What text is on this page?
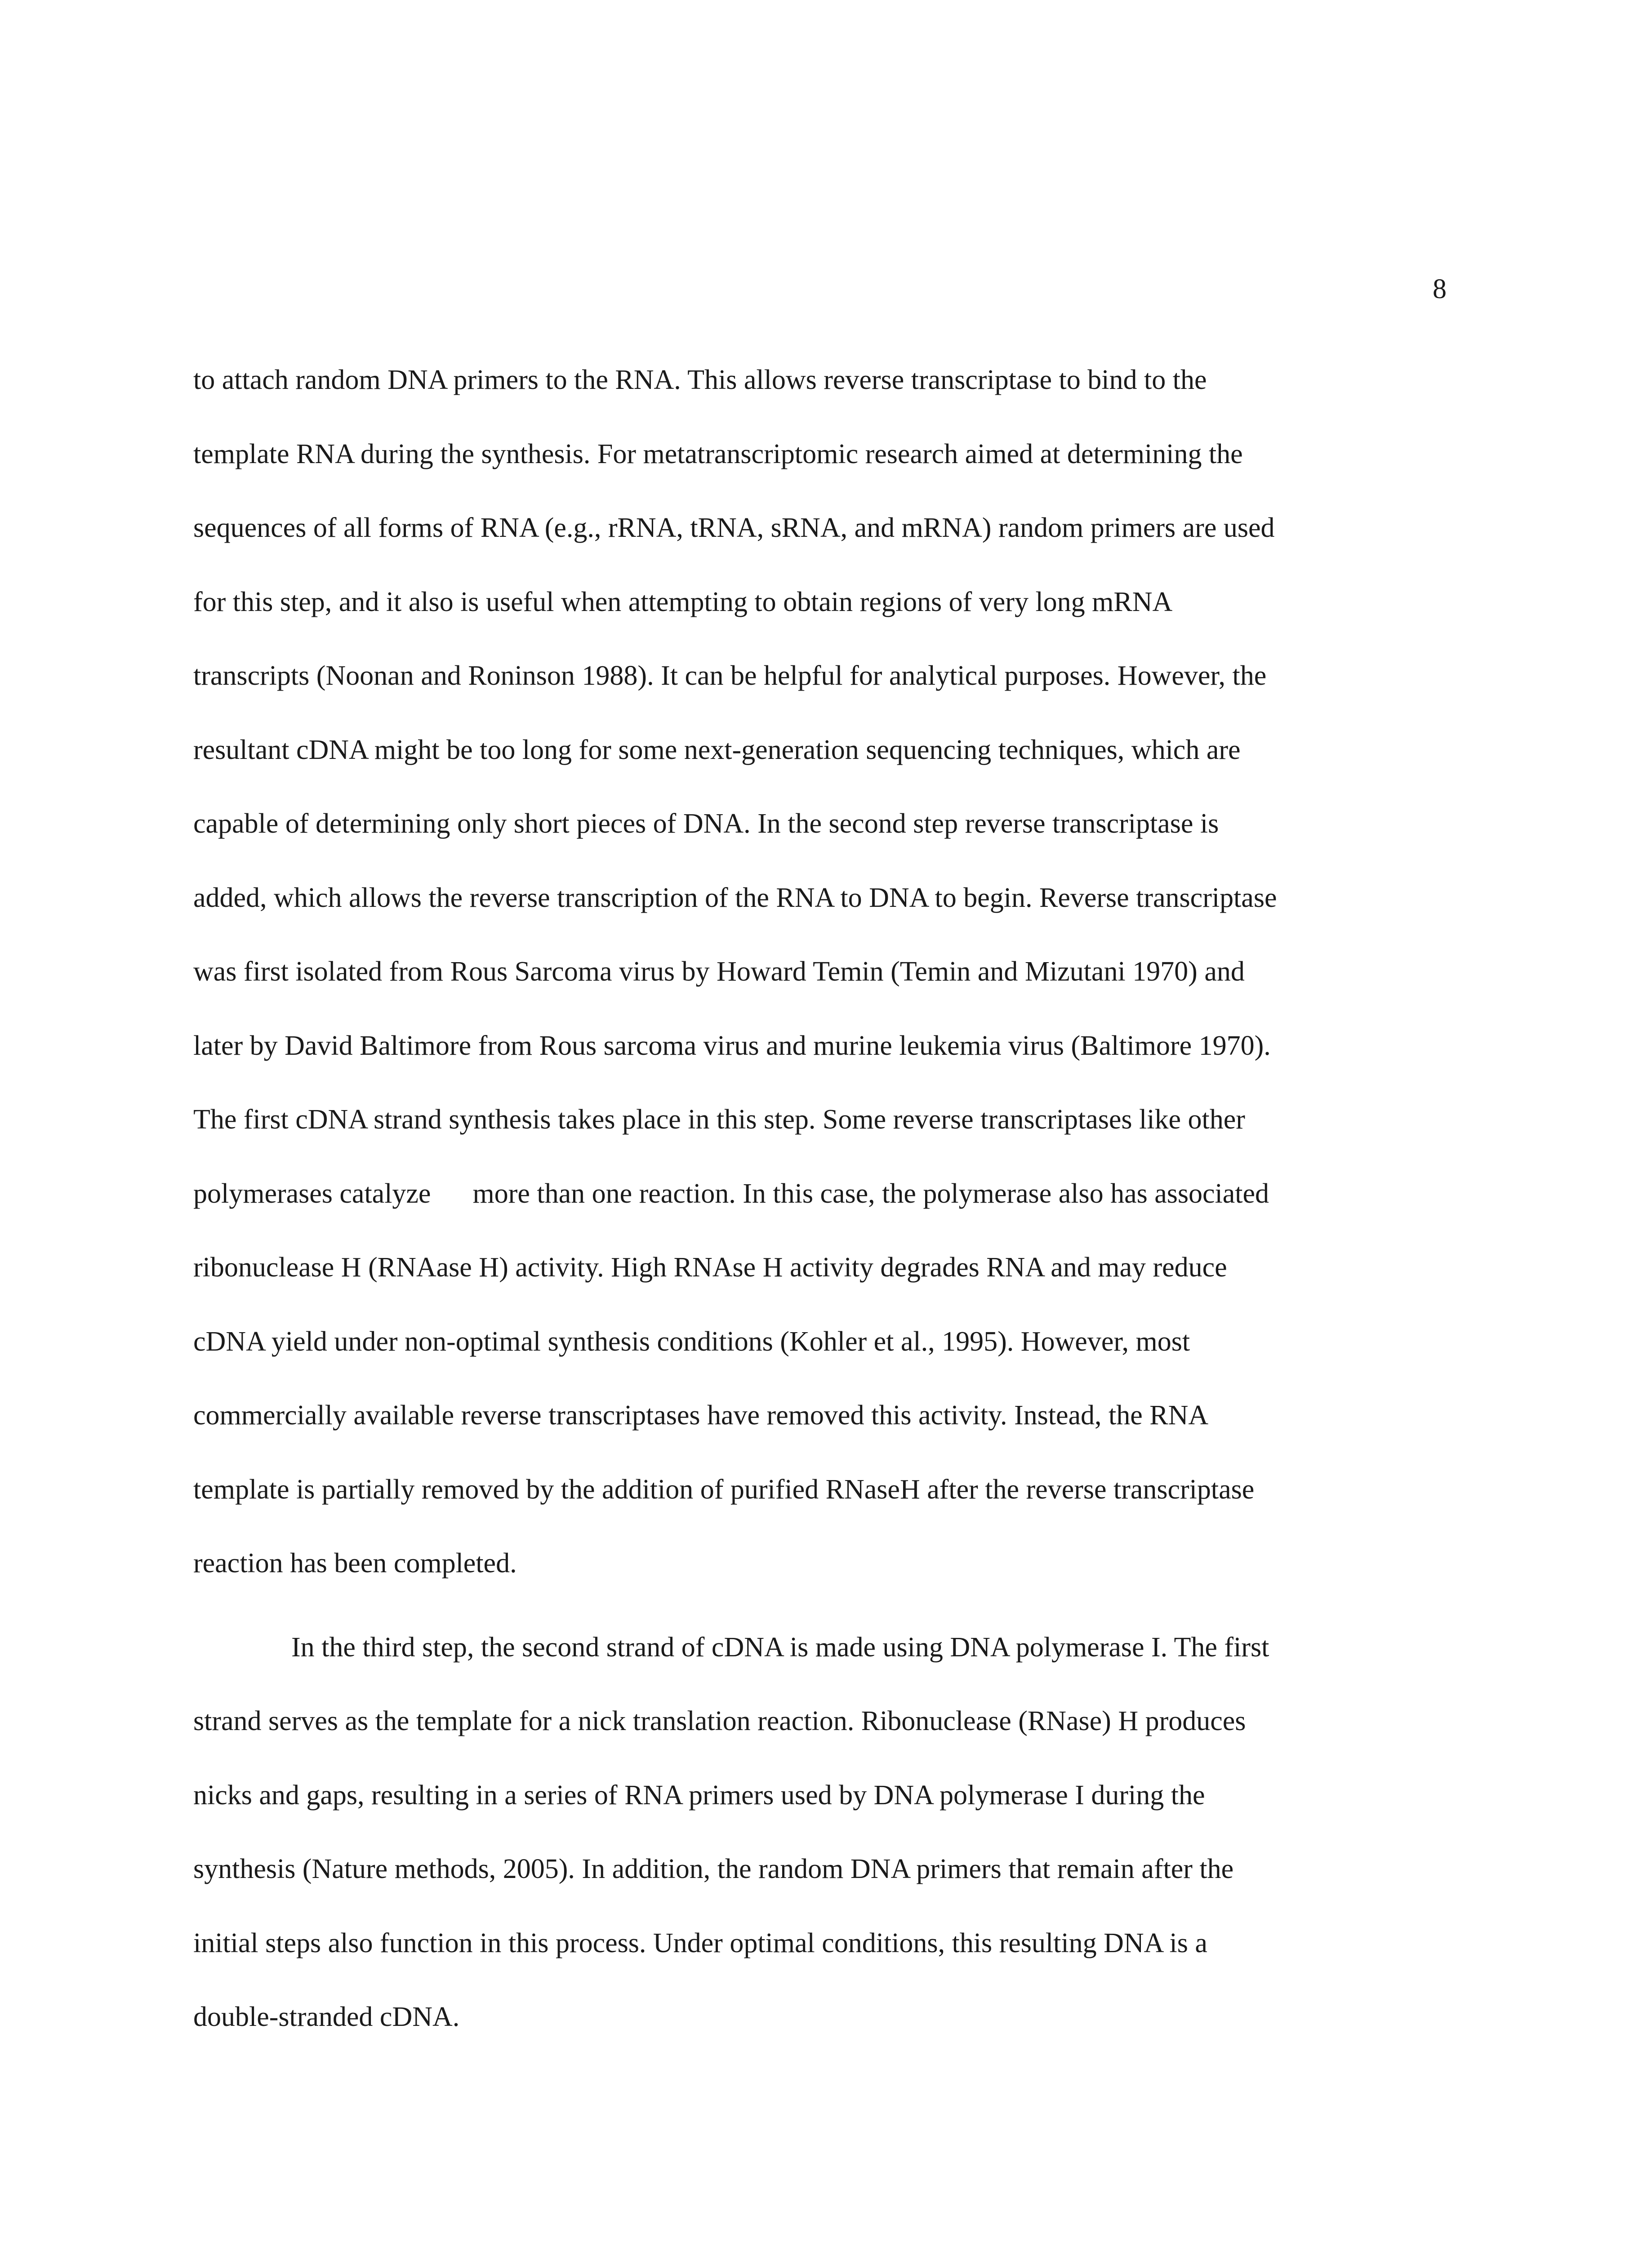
8
to attach random DNA primers to the RNA. This allows reverse transcriptase to bind to the
template RNA during the synthesis. For metatranscriptomic research aimed at determining the
sequences of all forms of RNA (e.g., rRNA, tRNA, sRNA, and mRNA) random primers are used
for this step, and it also is useful when attempting to obtain regions of very long mRNA
transcripts (Noonan and Roninson 1988). It can be helpful for analytical purposes. However, the
resultant cDNA might be too long for some next-generation sequencing techniques, which are
capable of determining only short pieces of DNA. In the second step reverse transcriptase is
added, which allows the reverse transcription of the RNA to DNA to begin. Reverse transcriptase
was first isolated from Rous Sarcoma virus by Howard Temin (Temin and Mizutani 1970) and
later by David Baltimore from Rous sarcoma virus and murine leukemia virus (Baltimore 1970).
The first cDNA strand synthesis takes place in this step. Some reverse transcriptases like other
polymerases catalyze      more than one reaction. In this case, the polymerase also has associated
ribonuclease H (RNAase H) activity. High RNAse H activity degrades RNA and may reduce
cDNA yield under non-optimal synthesis conditions (Kohler et al., 1995). However, most
commercially available reverse transcriptases have removed this activity. Instead, the RNA
template is partially removed by the addition of purified RNaseH after the reverse transcriptase
reaction has been completed.
In the third step, the second strand of cDNA is made using DNA polymerase I. The first
strand serves as the template for a nick translation reaction. Ribonuclease (RNase) H produces
nicks and gaps, resulting in a series of RNA primers used by DNA polymerase I during the
synthesis (Nature methods, 2005). In addition, the random DNA primers that remain after the
initial steps also function in this process. Under optimal conditions, this resulting DNA is a
double-stranded cDNA.
